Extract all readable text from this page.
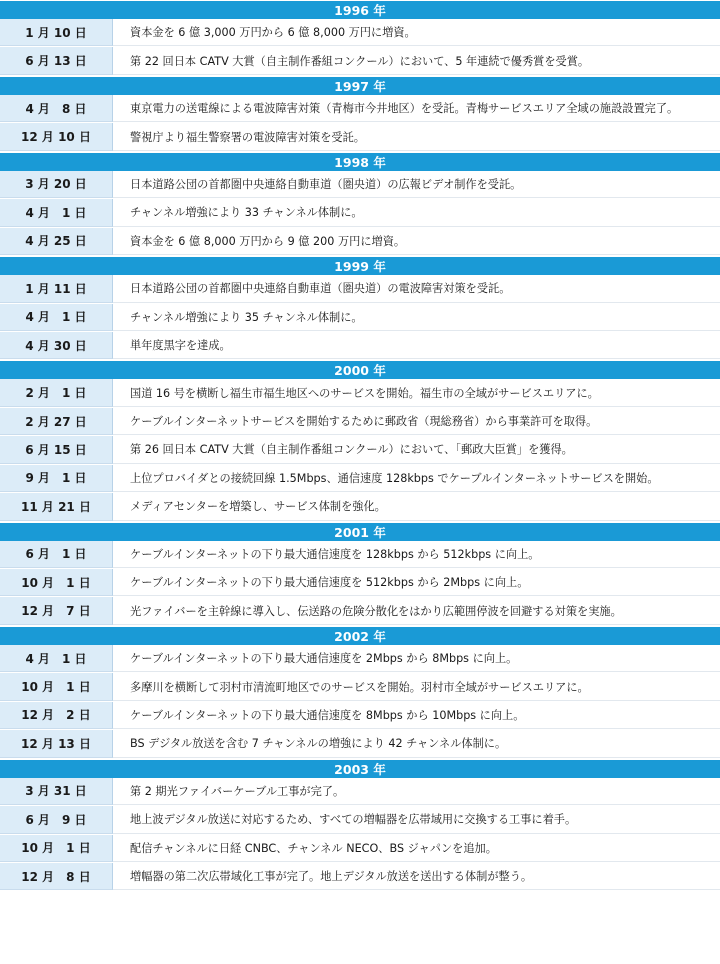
1996 年
1 月 10 日	資本金を 6 億 3,000 万円から 6 億 8,000 万円に増資。
6 月 13 日	第 22 回日本 CATV 大賞（自主制作番組コンクール）において、5 年連続で優秀賞を受賞。
1997 年
4 月　8 日	東京電力の送電線による電波障害対策（青梅市今井地区）を受託。青梅サービスエリア全域の施設設置完了。
12 月 10 日	警視庁より福生警察署の電波障害対策を受託。
1998 年
3 月 20 日	日本道路公団の首都圏中央連絡自動車道（圏央道）の広報ビデオ制作を受託。
4 月　1 日	チャンネル増強により 33 チャンネル体制に。
4 月 25 日	資本金を 6 億 8,000 万円から 9 億 200 万円に増資。
1999 年
1 月 11 日	日本道路公団の首都圏中央連絡自動車道（圏央道）の電波障害対策を受託。
4 月　1 日	チャンネル増強により 35 チャンネル体制に。
4 月 30 日	単年度黒字を達成。
2000 年
2 月　1 日	国道 16 号を横断し福生市福生地区へのサービスを開始。福生市の全域がサービスエリアに。
2 月 27 日	ケーブルインターネットサービスを開始するために郵政省（現総務省）から事業許可を取得。
6 月 15 日	第 26 回日本 CATV 大賞（自主制作番組コンクール）において、「郵政大臣賞」を獲得。
9 月　1 日	上位プロバイダとの接続回線 1.5Mbps、通信速度 128kbps でケーブルインターネットサービスを開始。
11 月 21 日	メディアセンターを増築し、サービス体制を強化。
2001 年
6 月　1 日	ケーブルインターネットの下り最大通信速度を 128kbps から 512kbps に向上。
10 月　1 日	ケーブルインターネットの下り最大通信速度を 512kbps から 2Mbps に向上。
12 月　7 日	光ファイバーを主幹線に導入し、伝送路の危険分散化をはかり広範囲停波を回避する対策を実施。
2002 年
4 月　1 日	ケーブルインターネットの下り最大通信速度を 2Mbps から 8Mbps に向上。
10 月　1 日	多摩川を横断して羽村市清流町地区でのサービスを開始。羽村市全域がサービスエリアに。
12 月　2 日	ケーブルインターネットの下り最大通信速度を 8Mbps から 10Mbps に向上。
12 月 13 日	BS デジタル放送を含む 7 チャンネルの増強により 42 チャンネル体制に。
2003 年
3 月 31 日	第 2 期光ファイバーケーブル工事が完了。
6 月　9 日	地上波デジタル放送に対応するため、すべての増幅器を広帯域用に交換する工事に着手。
10 月　1 日	配信チャンネルに日経 CNBC、チャンネル NECO、BS ジャパンを追加。
12 月　8 日	増幅器の第二次広帯域化工事が完了。地上デジタル放送を送出する体制が整う。
